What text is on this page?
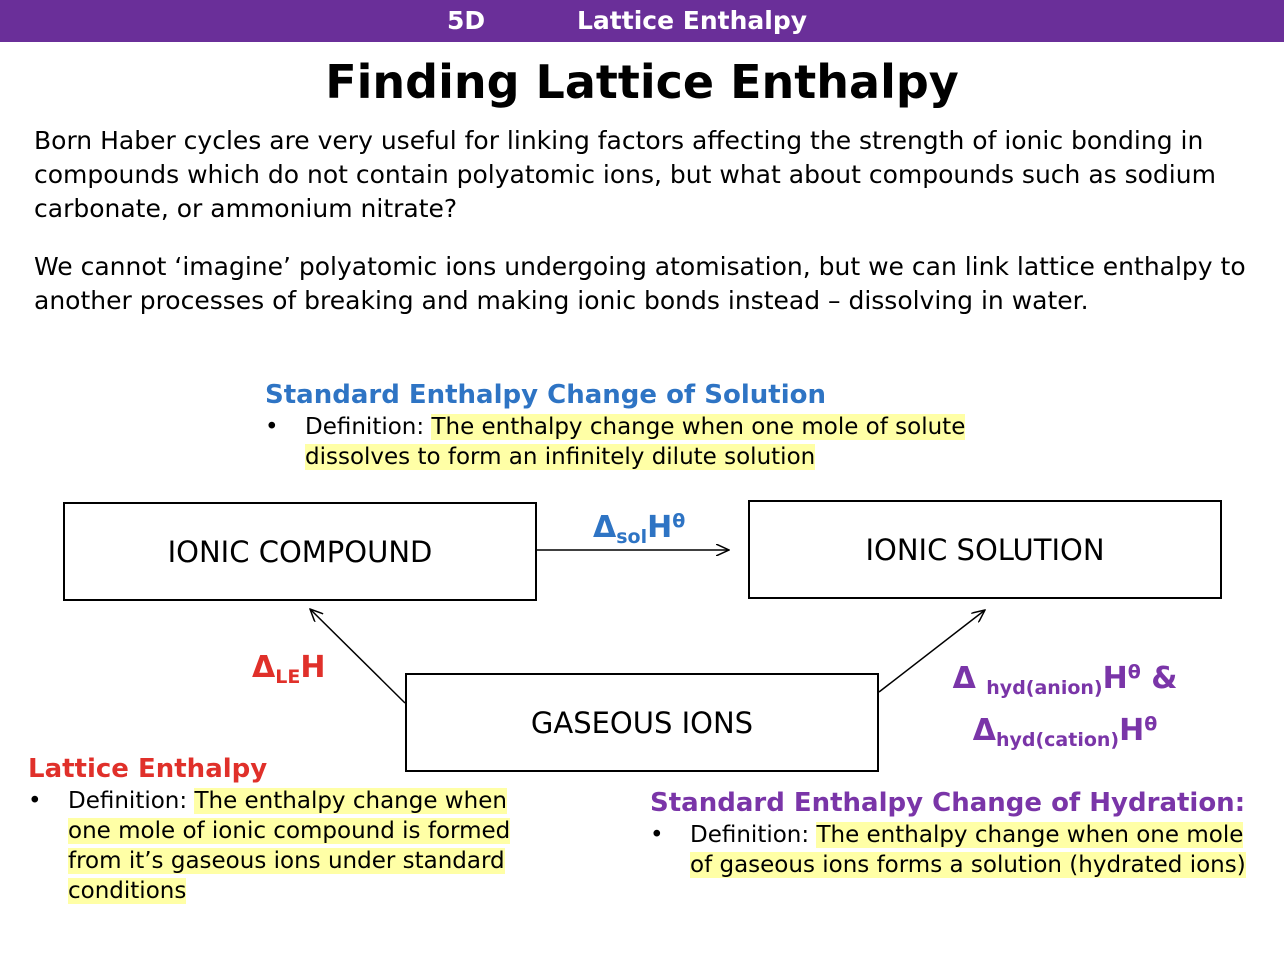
5D	Lattice Enthalpy
Finding Lattice Enthalpy

Born Haber cycles are very useful for linking factors affecting the strength of ionic bonding in compounds which do not contain polyatomic ions, but what about compounds such as sodium carbonate, or ammonium nitrate?

We cannot ‘imagine’ polyatomic ions undergoing atomisation, but we can link lattice enthalpy to another processes of breaking and making ionic bonds instead – dissolving in water.

Standard Enthalpy Change of Solution
• Definition: The enthalpy change when one mole of solute dissolves to form an infinitely dilute solution
IONIC COMPOUND	IONIC SOLUTION
GASEOUS IONS
$\Delta_{sol}H^\theta$
$\Delta_{LE}H$	Δ $_{hyd(anion)}H^\theta$ &
$\Delta_{hyd(cation)}H^\theta$
Lattice Enthalpy
• Definition: The enthalpy change when one mole of ionic compound is formed from it’s gaseous ions under standard conditions
Standard Enthalpy Change of Hydration:
• Definition: The enthalpy change when one mole of gaseous ions forms a solution (hydrated ions)
